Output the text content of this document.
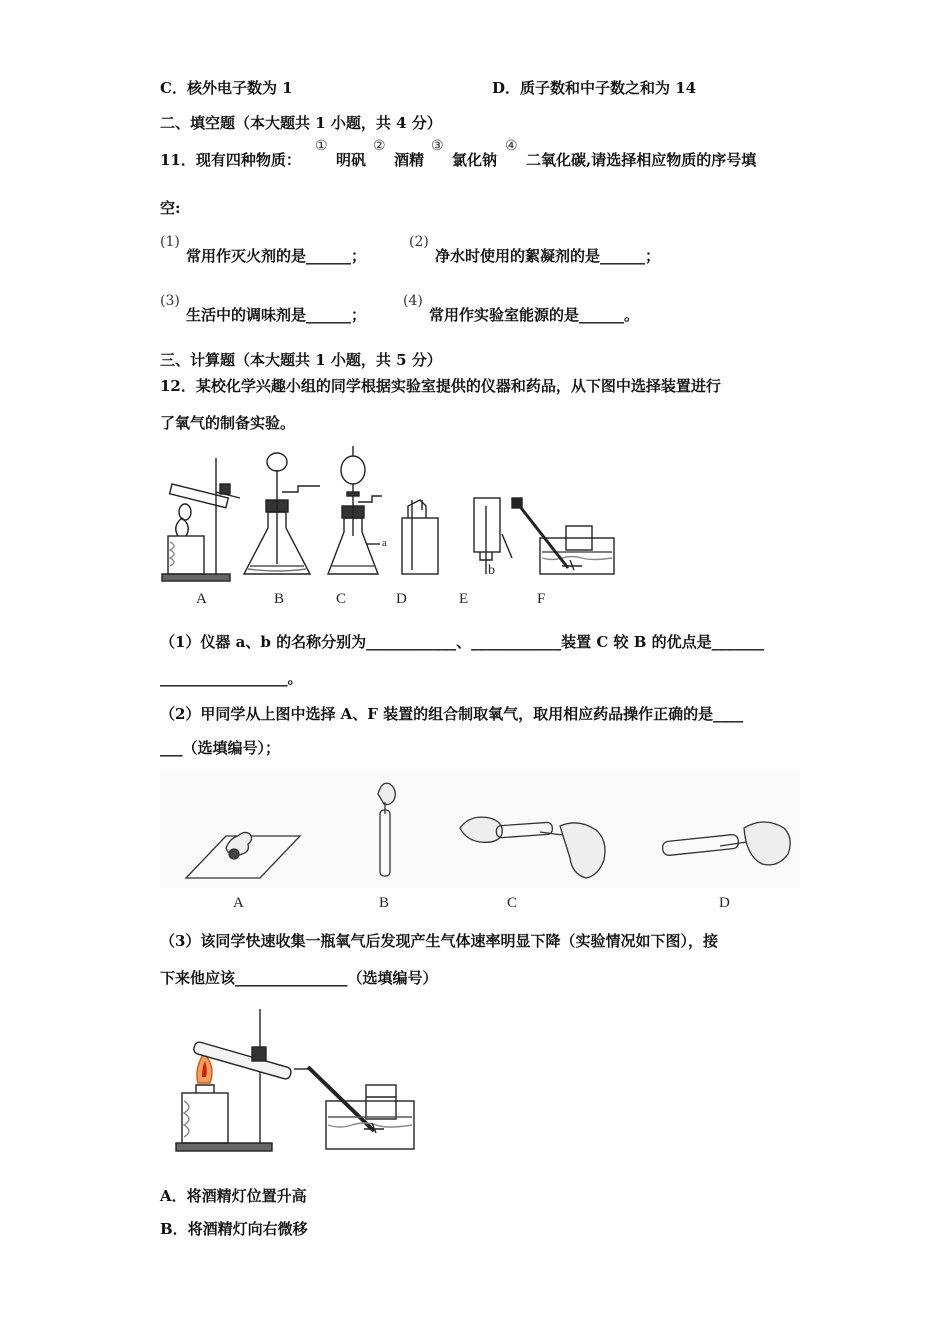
C．核外电子数为 1	D．质子数和中子数之和为 14
二、填空题（本大题共 1 小题，共 4 分）
11．现有四种物质：
①
明矾
②
酒精
③
氯化钠
④
二氧化碳,请选择相应物质的序号填
空:
(1)
常用作灭火剂的是______；
(2)
净水时使用的絮凝剂的是______；
(3)
生活中的调味剂是______；
(4)
常用作实验室能源的是______。
三、计算题（本大题共 1 小题，共 5 分）
12．某校化学兴趣小组的同学根据实验室提供的仪器和药品，从下图中选择装置进行
了氧气的制备实验。
a
b
A	B	C	D	E	F
（1）仪器 a、b 的名称分别为____________、____________装置 C 较 B 的优点是_______
_________________。
（2）甲同学从上图中选择 A、F 装置的组合制取氧气，取用相应药品操作正确的是____
___（选填编号）；
A	B	C	D
（3）该同学快速收集一瓶氧气后发现产生气体速率明显下降（实验情况如下图），接
下来他应该_______________（选填编号）
A．将酒精灯位置升高
B．将酒精灯向右微移
